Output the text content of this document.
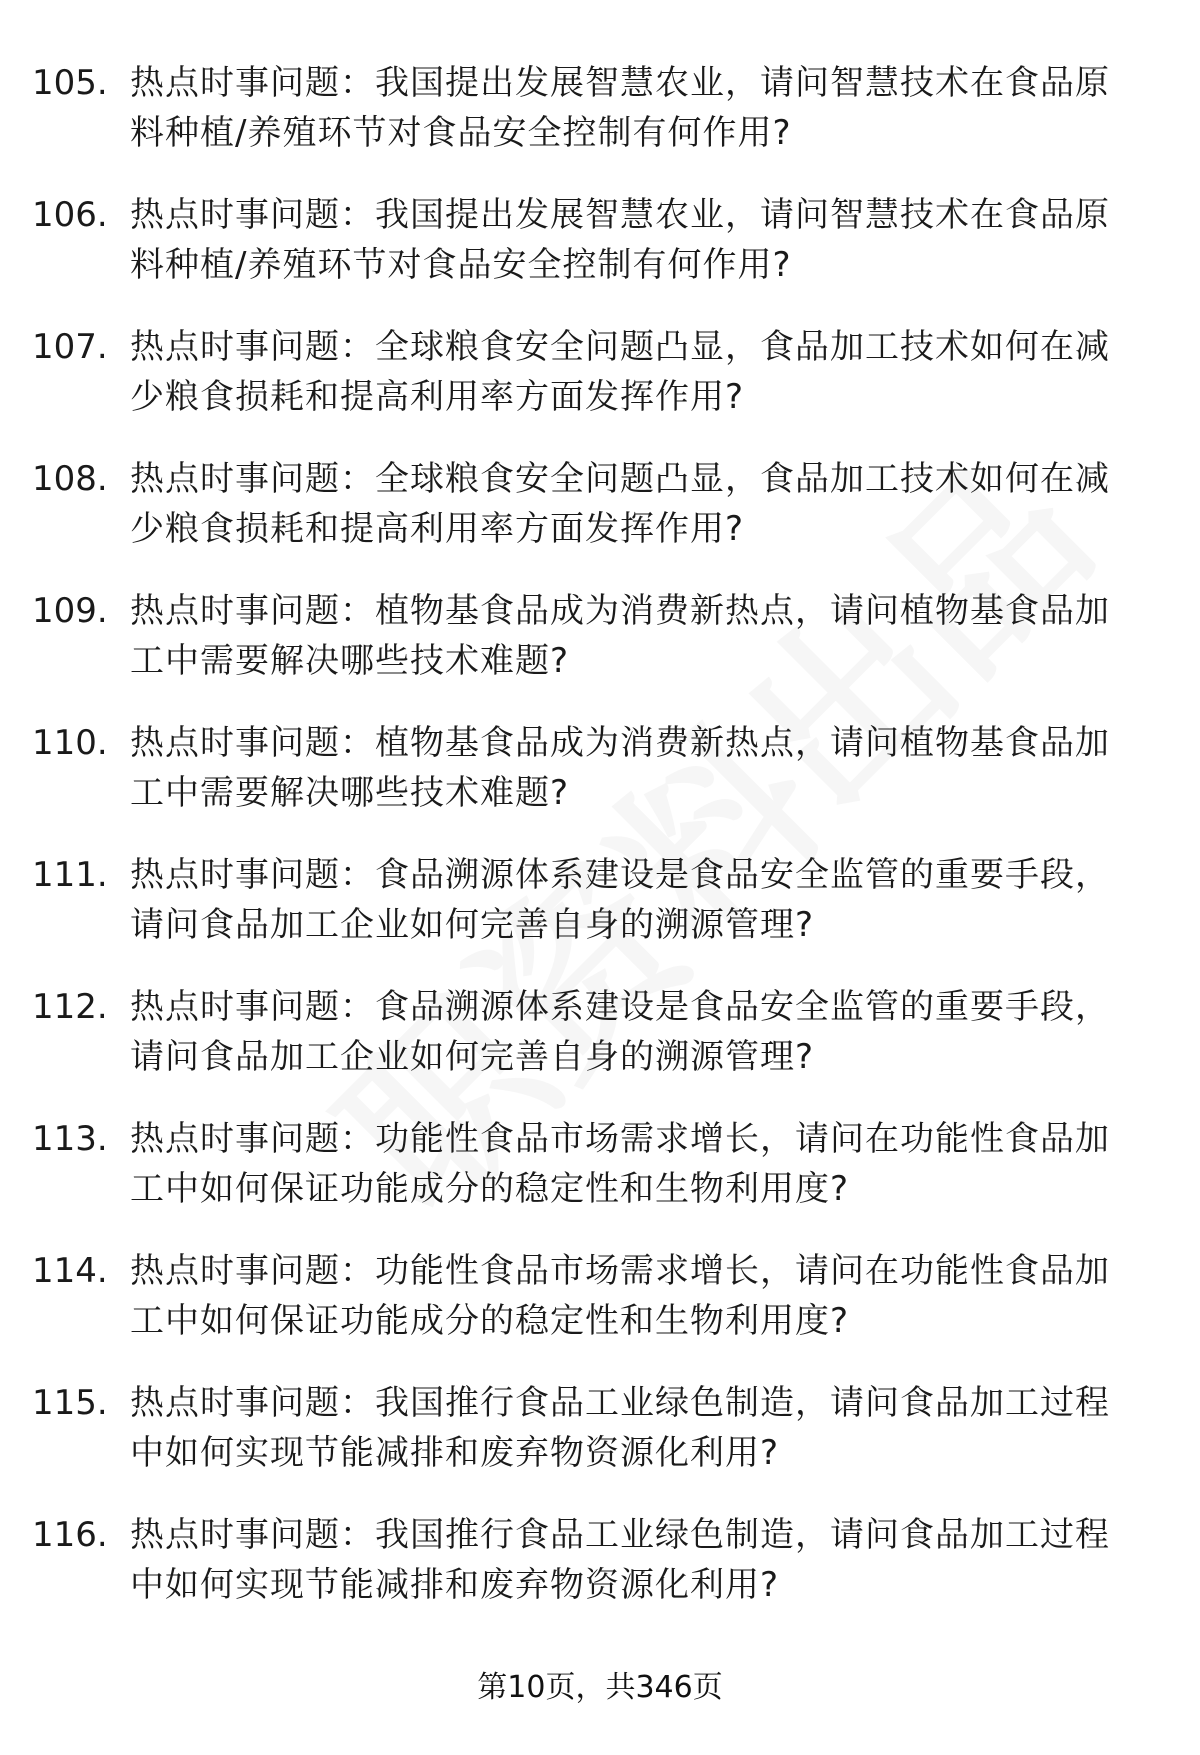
105. 热点时事问题：我国提出发展智慧农业，请问智慧技术在食品原料种植/养殖环节对食品安全控制有何作用?
106. 热点时事问题：我国提出发展智慧农业，请问智慧技术在食品原料种植/养殖环节对食品安全控制有何作用?
107. 热点时事问题：全球粮食安全问题凸显，食品加工技术如何在减少粮食损耗和提高利用率方面发挥作用?
108. 热点时事问题：全球粮食安全问题凸显，食品加工技术如何在减少粮食损耗和提高利用率方面发挥作用?
109. 热点时事问题：植物基食品成为消费新热点，请问植物基食品加工中需要解决哪些技术难题?
110. 热点时事问题：植物基食品成为消费新热点，请问植物基食品加工中需要解决哪些技术难题?
111. 热点时事问题：食品溯源体系建设是食品安全监管的重要手段，请问食品加工企业如何完善自身的溯源管理?
112. 热点时事问题：食品溯源体系建设是食品安全监管的重要手段，请问食品加工企业如何完善自身的溯源管理?
113. 热点时事问题：功能性食品市场需求增长，请问在功能性食品加工中如何保证功能成分的稳定性和生物利用度?
114. 热点时事问题：功能性食品市场需求增长，请问在功能性食品加工中如何保证功能成分的稳定性和生物利用度?
115. 热点时事问题：我国推行食品工业绿色制造，请问食品加工过程中如何实现节能减排和废弃物资源化利用?
116. 热点时事问题：我国推行食品工业绿色制造，请问食品加工过程中如何实现节能减排和废弃物资源化利用?
第10页，共346页
